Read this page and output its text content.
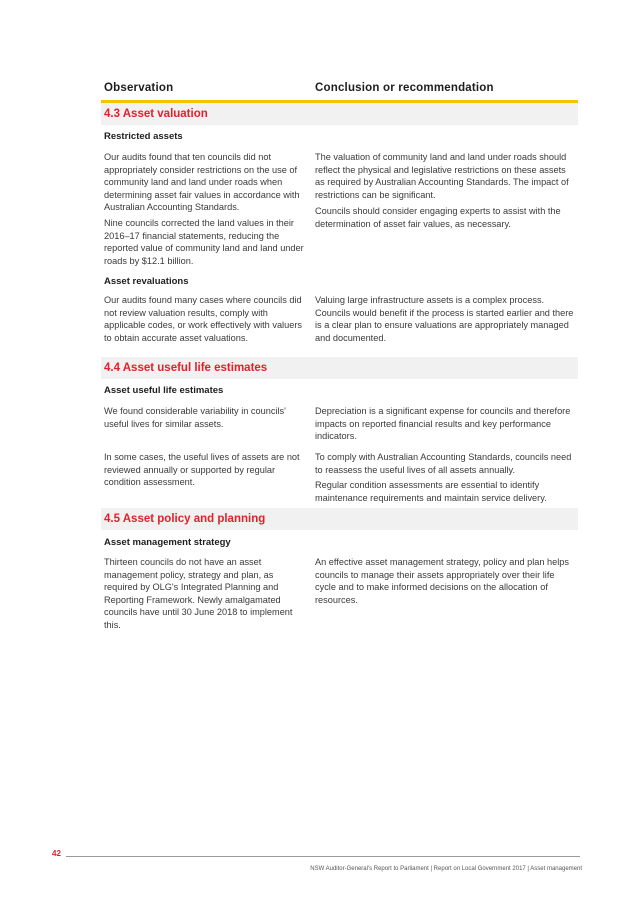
Observation	Conclusion or recommendation
4.3 Asset valuation
Restricted assets
Our audits found that ten councils did not appropriately consider restrictions on the use of community land and land under roads when determining asset fair values in accordance with Australian Accounting Standards.
Nine councils corrected the land values in their 2016–17 financial statements, reducing the reported value of community land and land under roads by $12.1 billion.
The valuation of community land and land under roads should reflect the physical and legislative restrictions on these assets as required by Australian Accounting Standards. The impact of restrictions can be significant.
Councils should consider engaging experts to assist with the determination of asset fair values, as necessary.
Asset revaluations
Our audits found many cases where councils did not review valuation results, comply with applicable codes, or work effectively with valuers to obtain accurate asset valuations.
Valuing large infrastructure assets is a complex process. Councils would benefit if the process is started earlier and there is a clear plan to ensure valuations are appropriately managed and documented.
4.4 Asset useful life estimates
Asset useful life estimates
We found considerable variability in councils' useful lives for similar assets.
In some cases, the useful lives of assets are not reviewed annually or supported by regular condition assessment.
Depreciation is a significant expense for councils and therefore impacts on reported financial results and key performance indicators.
To comply with Australian Accounting Standards, councils need to reassess the useful lives of all assets annually.
Regular condition assessments are essential to identify maintenance requirements and maintain service delivery.
4.5 Asset policy and planning
Asset management strategy
Thirteen councils do not have an asset management policy, strategy and plan, as required by OLG's Integrated Planning and Reporting Framework. Newly amalgamated councils have until 30 June 2018 to implement this.
An effective asset management strategy, policy and plan helps councils to manage their assets appropriately over their life cycle and to make informed decisions on the allocation of resources.
42
NSW Auditor-General's Report to Parliament | Report on Local Government 2017 | Asset management
